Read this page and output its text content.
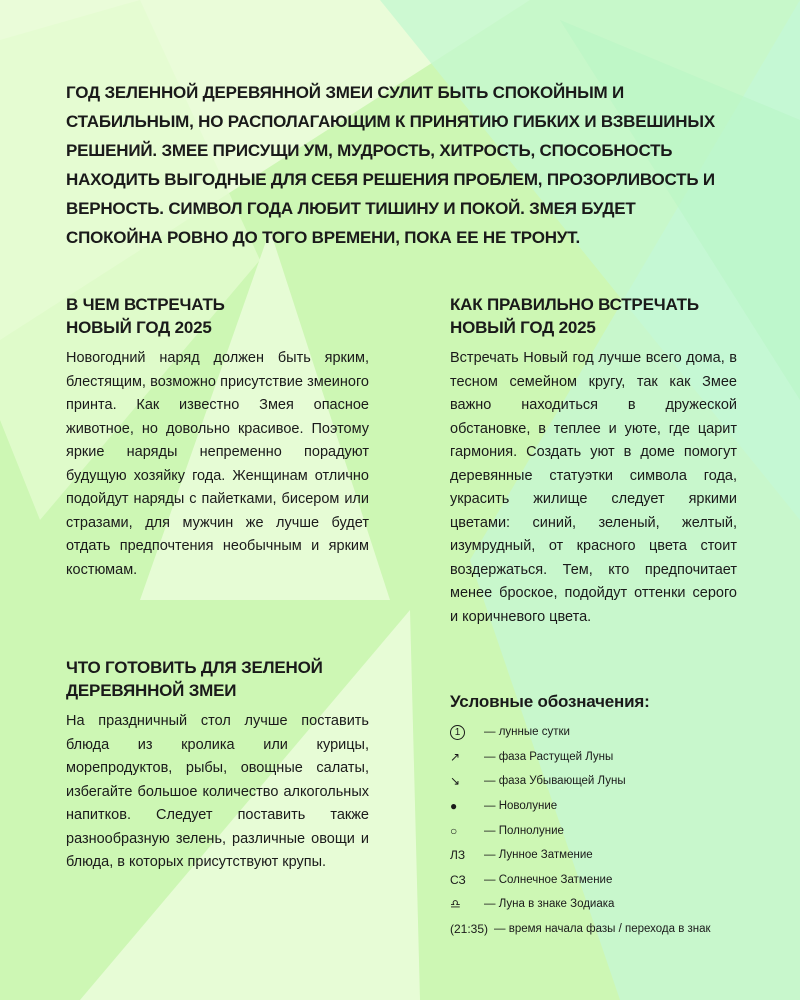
ГОД ЗЕЛЕННОЙ ДЕРЕВЯННОЙ ЗМЕИ СУЛИТ БЫТЬ СПОКОЙНЫМ И СТАБИЛЬНЫМ, НО РАСПОЛАГАЮЩИМ К ПРИНЯТИЮ ГИБКИХ И ВЗВЕШИНЫХ РЕШЕНИЙ. ЗМЕЕ ПРИСУЩИ УМ, МУДРОСТЬ, ХИТРОСТЬ, СПОСОБНОСТЬ НАХОДИТЬ ВЫГОДНЫЕ ДЛЯ СЕБЯ РЕШЕНИЯ ПРОБЛЕМ, ПРОЗОРЛИВОСТЬ И ВЕРНОСТЬ. СИМВОЛ ГОДА ЛЮБИТ ТИШИНУ И ПОКОЙ. ЗМЕЯ БУДЕТ СПОКОЙНА РОВНО ДО ТОГО ВРЕМЕНИ, ПОКА ЕЕ НЕ ТРОНУТ.

В ЧЕМ ВСТРЕЧАТЬ
НОВЫЙ ГОД 2025

Новогодний наряд должен быть ярким, блестящим, возможно присутствие змеиного принта. Как известно Змея опасное животное, но довольно красивое. Поэтому яркие наряды непременно порадуют будущую хозяйку года. Женщинам отлично подойдут наряды с пайетками, бисером или стразами, для мужчин же лучше будет отдать предпочтения необычным и ярким костюмам.

КАК ПРАВИЛЬНО ВСТРЕЧАТЬ
НОВЫЙ ГОД 2025

Встречать Новый год лучше всего дома, в тесном семейном кругу, так как Змее важно находиться в дружеской обстановке, в теплее и уюте, где царит гармония. Создать уют в доме помогут деревянные статуэтки символа года, украсить жилище следует яркими цветами: синий, зеленый, желтый, изумрудный, от красного цвета стоит воздержаться. Тем, кто предпочитает менее броское, подойдут оттенки серого и коричневого цвета.

ЧТО ГОТОВИТЬ ДЛЯ ЗЕЛЕНОЙ
ДЕРЕВЯННОЙ ЗМЕИ

На праздничный стол лучше поставить блюда из кролика или курицы, морепродуктов, рыбы, овощные салаты, избегайте большое количество алкогольных напитков. Следует поставить также разнообразную зелень, различные овощи и блюда, в которых присутствуют крупы.

Условные обозначения:
1	— лунные сутки
↗	— фаза Растущей Луны
↘	— фаза Убывающей Луны
●	— Новолуние
○	— Полнолуние
ЛЗ	— Лунное Затмение
СЗ	— Солнечное Затмение
♎	— Луна в знаке Зодиака
(21:35) — время начала фазы / перехода в знак
